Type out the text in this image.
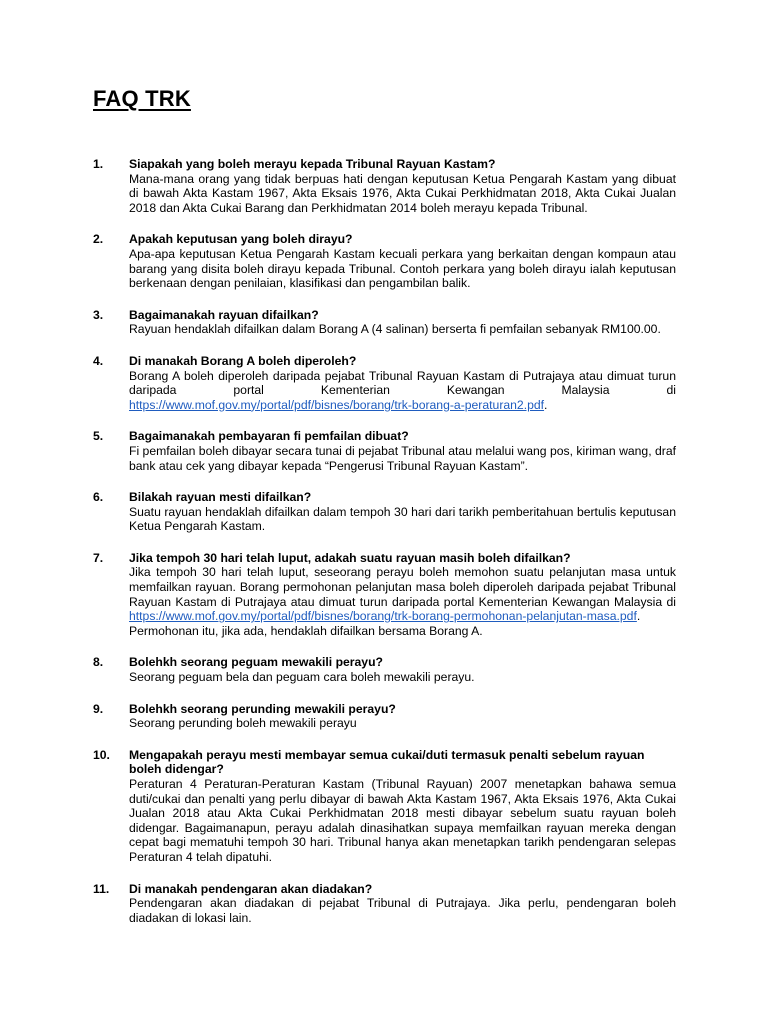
FAQ TRK
1. Siapakah yang boleh merayu kepada Tribunal Rayuan Kastam?
Mana-mana orang yang tidak berpuas hati dengan keputusan Ketua Pengarah Kastam yang dibuat di bawah Akta Kastam 1967, Akta Eksais 1976, Akta Cukai Perkhidmatan 2018, Akta Cukai Jualan 2018 dan Akta Cukai Barang dan Perkhidmatan 2014 boleh merayu kepada Tribunal.
2. Apakah keputusan yang boleh dirayu?
Apa-apa keputusan Ketua Pengarah Kastam kecuali perkara yang berkaitan dengan kompaun atau barang yang disita boleh dirayu kepada Tribunal. Contoh perkara yang boleh dirayu ialah keputusan berkenaan dengan penilaian, klasifikasi dan pengambilan balik.
3. Bagaimanakah rayuan difailkan?
Rayuan hendaklah difailkan dalam Borang A (4 salinan) berserta fi pemfailan sebanyak RM100.00.
4. Di manakah Borang A boleh diperoleh?
Borang A boleh diperoleh daripada pejabat Tribunal Rayuan Kastam di Putrajaya atau dimuat turun daripada portal Kementerian Kewangan Malaysia di https://www.mof.gov.my/portal/pdf/bisnes/borang/trk-borang-a-peraturan2.pdf.
5. Bagaimanakah pembayaran fi pemfailan dibuat?
Fi pemfailan boleh dibayar secara tunai di pejabat Tribunal atau melalui wang pos, kiriman wang, draf bank atau cek yang dibayar kepada “Pengerusi Tribunal Rayuan Kastam”.
6. Bilakah rayuan mesti difailkan?
Suatu rayuan hendaklah difailkan dalam tempoh 30 hari dari tarikh pemberitahuan bertulis keputusan Ketua Pengarah Kastam.
7. Jika tempoh 30 hari telah luput, adakah suatu rayuan masih boleh difailkan?
Jika tempoh 30 hari telah luput, seseorang perayu boleh memohon suatu pelanjutan masa untuk memfailkan rayuan. Borang permohonan pelanjutan masa boleh diperoleh daripada pejabat Tribunal Rayuan Kastam di Putrajaya atau dimuat turun daripada portal Kementerian Kewangan Malaysia di https://www.mof.gov.my/portal/pdf/bisnes/borang/trk-borang-permohonan-pelanjutan-masa.pdf. Permohonan itu, jika ada, hendaklah difailkan bersama Borang A.
8. Bolehkh seorang peguam mewakili perayu?
Seorang peguam bela dan peguam cara boleh mewakili perayu.
9. Bolehkh seorang perunding mewakili perayu?
Seorang perunding boleh mewakili perayu
10. Mengapakah perayu mesti membayar semua cukai/duti termasuk penalti sebelum rayuan boleh didengar?
Peraturan 4 Peraturan-Peraturan Kastam (Tribunal Rayuan) 2007 menetapkan bahawa semua duti/cukai dan penalti yang perlu dibayar di bawah Akta Kastam 1967, Akta Eksais 1976, Akta Cukai Jualan 2018 atau Akta Cukai Perkhidmatan 2018 mesti dibayar sebelum suatu rayuan boleh didengar. Bagaimanapun, perayu adalah dinasihatkan supaya memfailkan rayuan mereka dengan cepat bagi mematuhi tempoh 30 hari. Tribunal hanya akan menetapkan tarikh pendengaran selepas Peraturan 4 telah dipatuhi.
11. Di manakah pendengaran akan diadakan?
Pendengaran akan diadakan di pejabat Tribunal di Putrajaya. Jika perlu, pendengaran boleh diadakan di lokasi lain.
